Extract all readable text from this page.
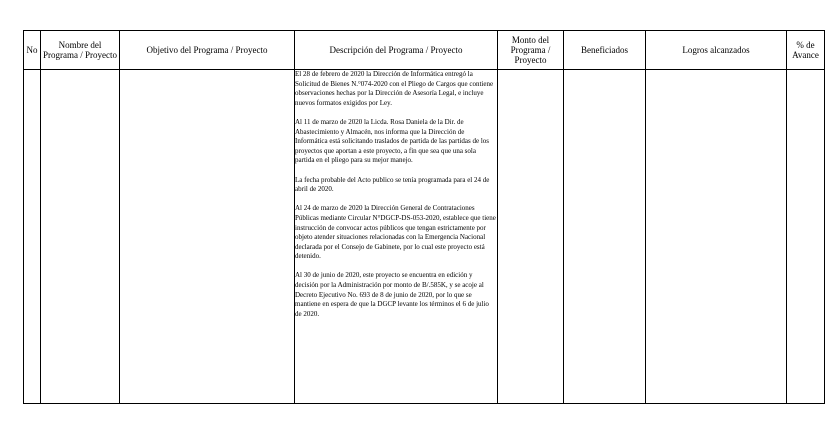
No	Nombre del Programa / Proyecto	Objetivo del Programa / Proyecto	Descripción del Programa / Proyecto	Monto del Programa / Proyecto	Beneficiados	Logros alcanzados	% de Avance

			El 28 de febrero de 2020 la Dirección de Informática entregó la Solicitud de Bienes N.°074-2020 con el Pliego de Cargos que contiene observaciones hechas por la Dirección de Asesoría Legal, e incluye nuevos formatos exigidos por Ley.

Al 11 de marzo de 2020 la Licda. Rosa Daniela de la Dir. de Abastecimiento y Almacén, nos informa que la Dirección de Informática está solicitando traslados de partida de las partidas de los proyectos que aportan a este proyecto, a fin que sea que una sola partida en el pliego para su mejor manejo.

La fecha probable del Acto publico se tenía programada para el 24 de abril de 2020.

Al 24 de marzo de 2020 la Dirección General de Contrataciones Públicas mediante Circular N°DGCP-DS-053-2020, establece que tiene instrucción de convocar actos públicos que tengan estrictamente por objeto atender situaciones relacionadas con la Emergencia Nacional declarada por el Consejo de Gabinete, por lo cual este proyecto está detenido.

Al 30 de junio de 2020, este proyecto se encuentra en edición y decisión por la Administración por monto de B/.585K, y se acoje al Decreto Ejecutivo No. 693 de 8 de junio de 2020, por lo que se mantiene en espera de que la DGCP levante los términos el 6 de julio de 2020.				
